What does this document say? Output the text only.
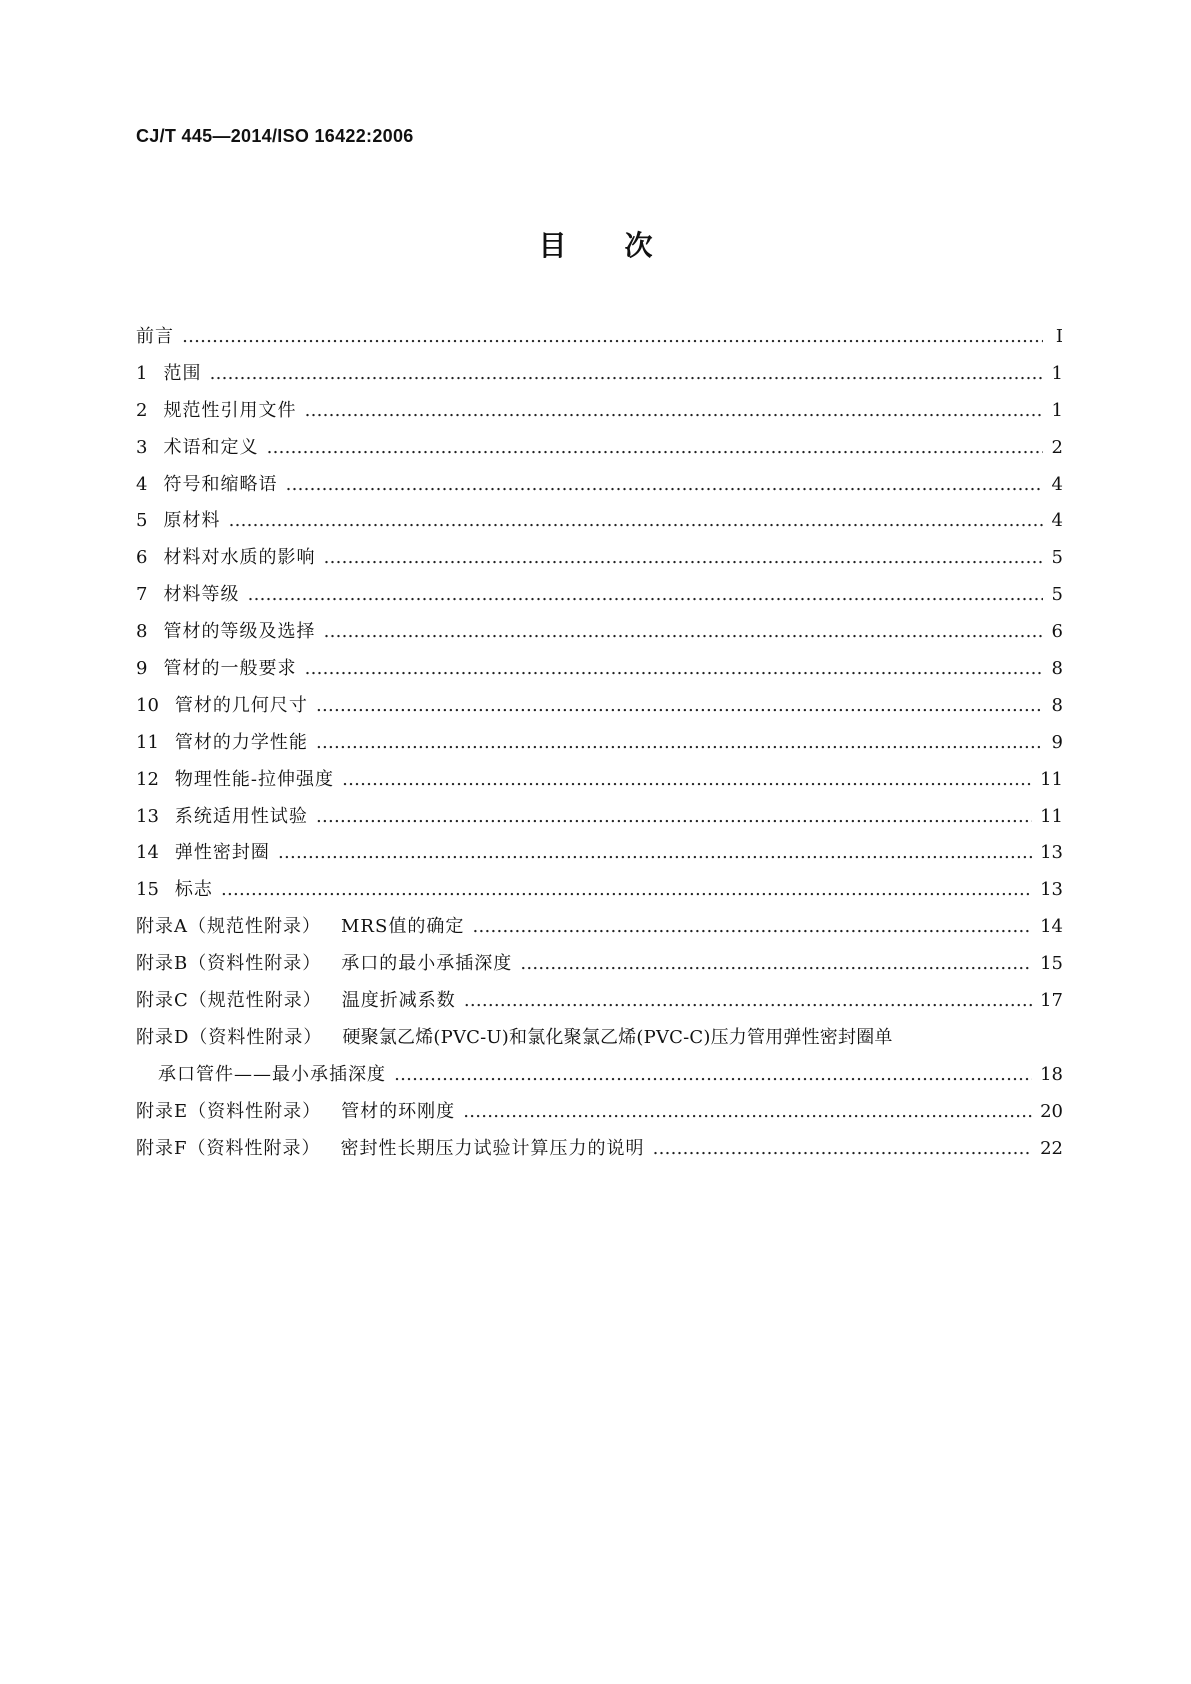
CJ/T 445—2014/ISO 16422:2006
目次
前言 ……………………………………………………………………………………………………………………………………………………………………………………………………………………………………………………………………………………………………	Ⅰ
1 范围 ……………………………………………………………………………………………………………………………………………………………………………………………………………………………………………………………………………………………………	1
2 规范性引用文件 ……………………………………………………………………………………………………………………………………………………………………………………………………………………………………………………………………………………………………	1
3 术语和定义 ……………………………………………………………………………………………………………………………………………………………………………………………………………………………………………………………………………………………………	2
4 符号和缩略语 ……………………………………………………………………………………………………………………………………………………………………………………………………………………………………………………………………………………………………	4
5 原材料 ……………………………………………………………………………………………………………………………………………………………………………………………………………………………………………………………………………………………………	4
6 材料对水质的影响 ……………………………………………………………………………………………………………………………………………………………………………………………………………………………………………………………………………………………………	5
7 材料等级 ……………………………………………………………………………………………………………………………………………………………………………………………………………………………………………………………………………………………………	5
8 管材的等级及选择 ……………………………………………………………………………………………………………………………………………………………………………………………………………………………………………………………………………………………………	6
9 管材的一般要求 ……………………………………………………………………………………………………………………………………………………………………………………………………………………………………………………………………………………………………	8
10 管材的几何尺寸 ……………………………………………………………………………………………………………………………………………………………………………………………………………………………………………………………………………………………………	8
11 管材的力学性能 ……………………………………………………………………………………………………………………………………………………………………………………………………………………………………………………………………………………………………	9
12 物理性能-拉伸强度 ……………………………………………………………………………………………………………………………………………………………………………………………………………………………………………………………………………………………………	11
13 系统适用性试验 ……………………………………………………………………………………………………………………………………………………………………………………………………………………………………………………………………………………………………	11
14 弹性密封圈 ……………………………………………………………………………………………………………………………………………………………………………………………………………………………………………………………………………………………………	13
15 标志 ……………………………………………………………………………………………………………………………………………………………………………………………………………………………………………………………………………………………………	13
附录A（规范性附录） MRS值的确定 ……………………………………………………………………………………………………………………………………………………………………………………………………………………………………………………………………………………………………	14
附录B（资料性附录） 承口的最小承插深度 ……………………………………………………………………………………………………………………………………………………………………………………………………………………………………………………………………………………………………	15
附录C（规范性附录） 温度折减系数 ……………………………………………………………………………………………………………………………………………………………………………………………………………………………………………………………………………………………………	17
附录D（资料性附录） 硬聚氯乙烯(PVC-U)和氯化聚氯乙烯(PVC-C)压力管用弹性密封圈单
承口管件——最小承插深度 ……………………………………………………………………………………………………………………………………………………………………………………………………………………………………………………………………………………………………	18
附录E（资料性附录） 管材的环刚度 ……………………………………………………………………………………………………………………………………………………………………………………………………………………………………………………………………………………………………	20
附录F（资料性附录） 密封性长期压力试验计算压力的说明 ……………………………………………………………………………………………………………………………………………………………………………………………………………………………………………………………………………………………………	22
